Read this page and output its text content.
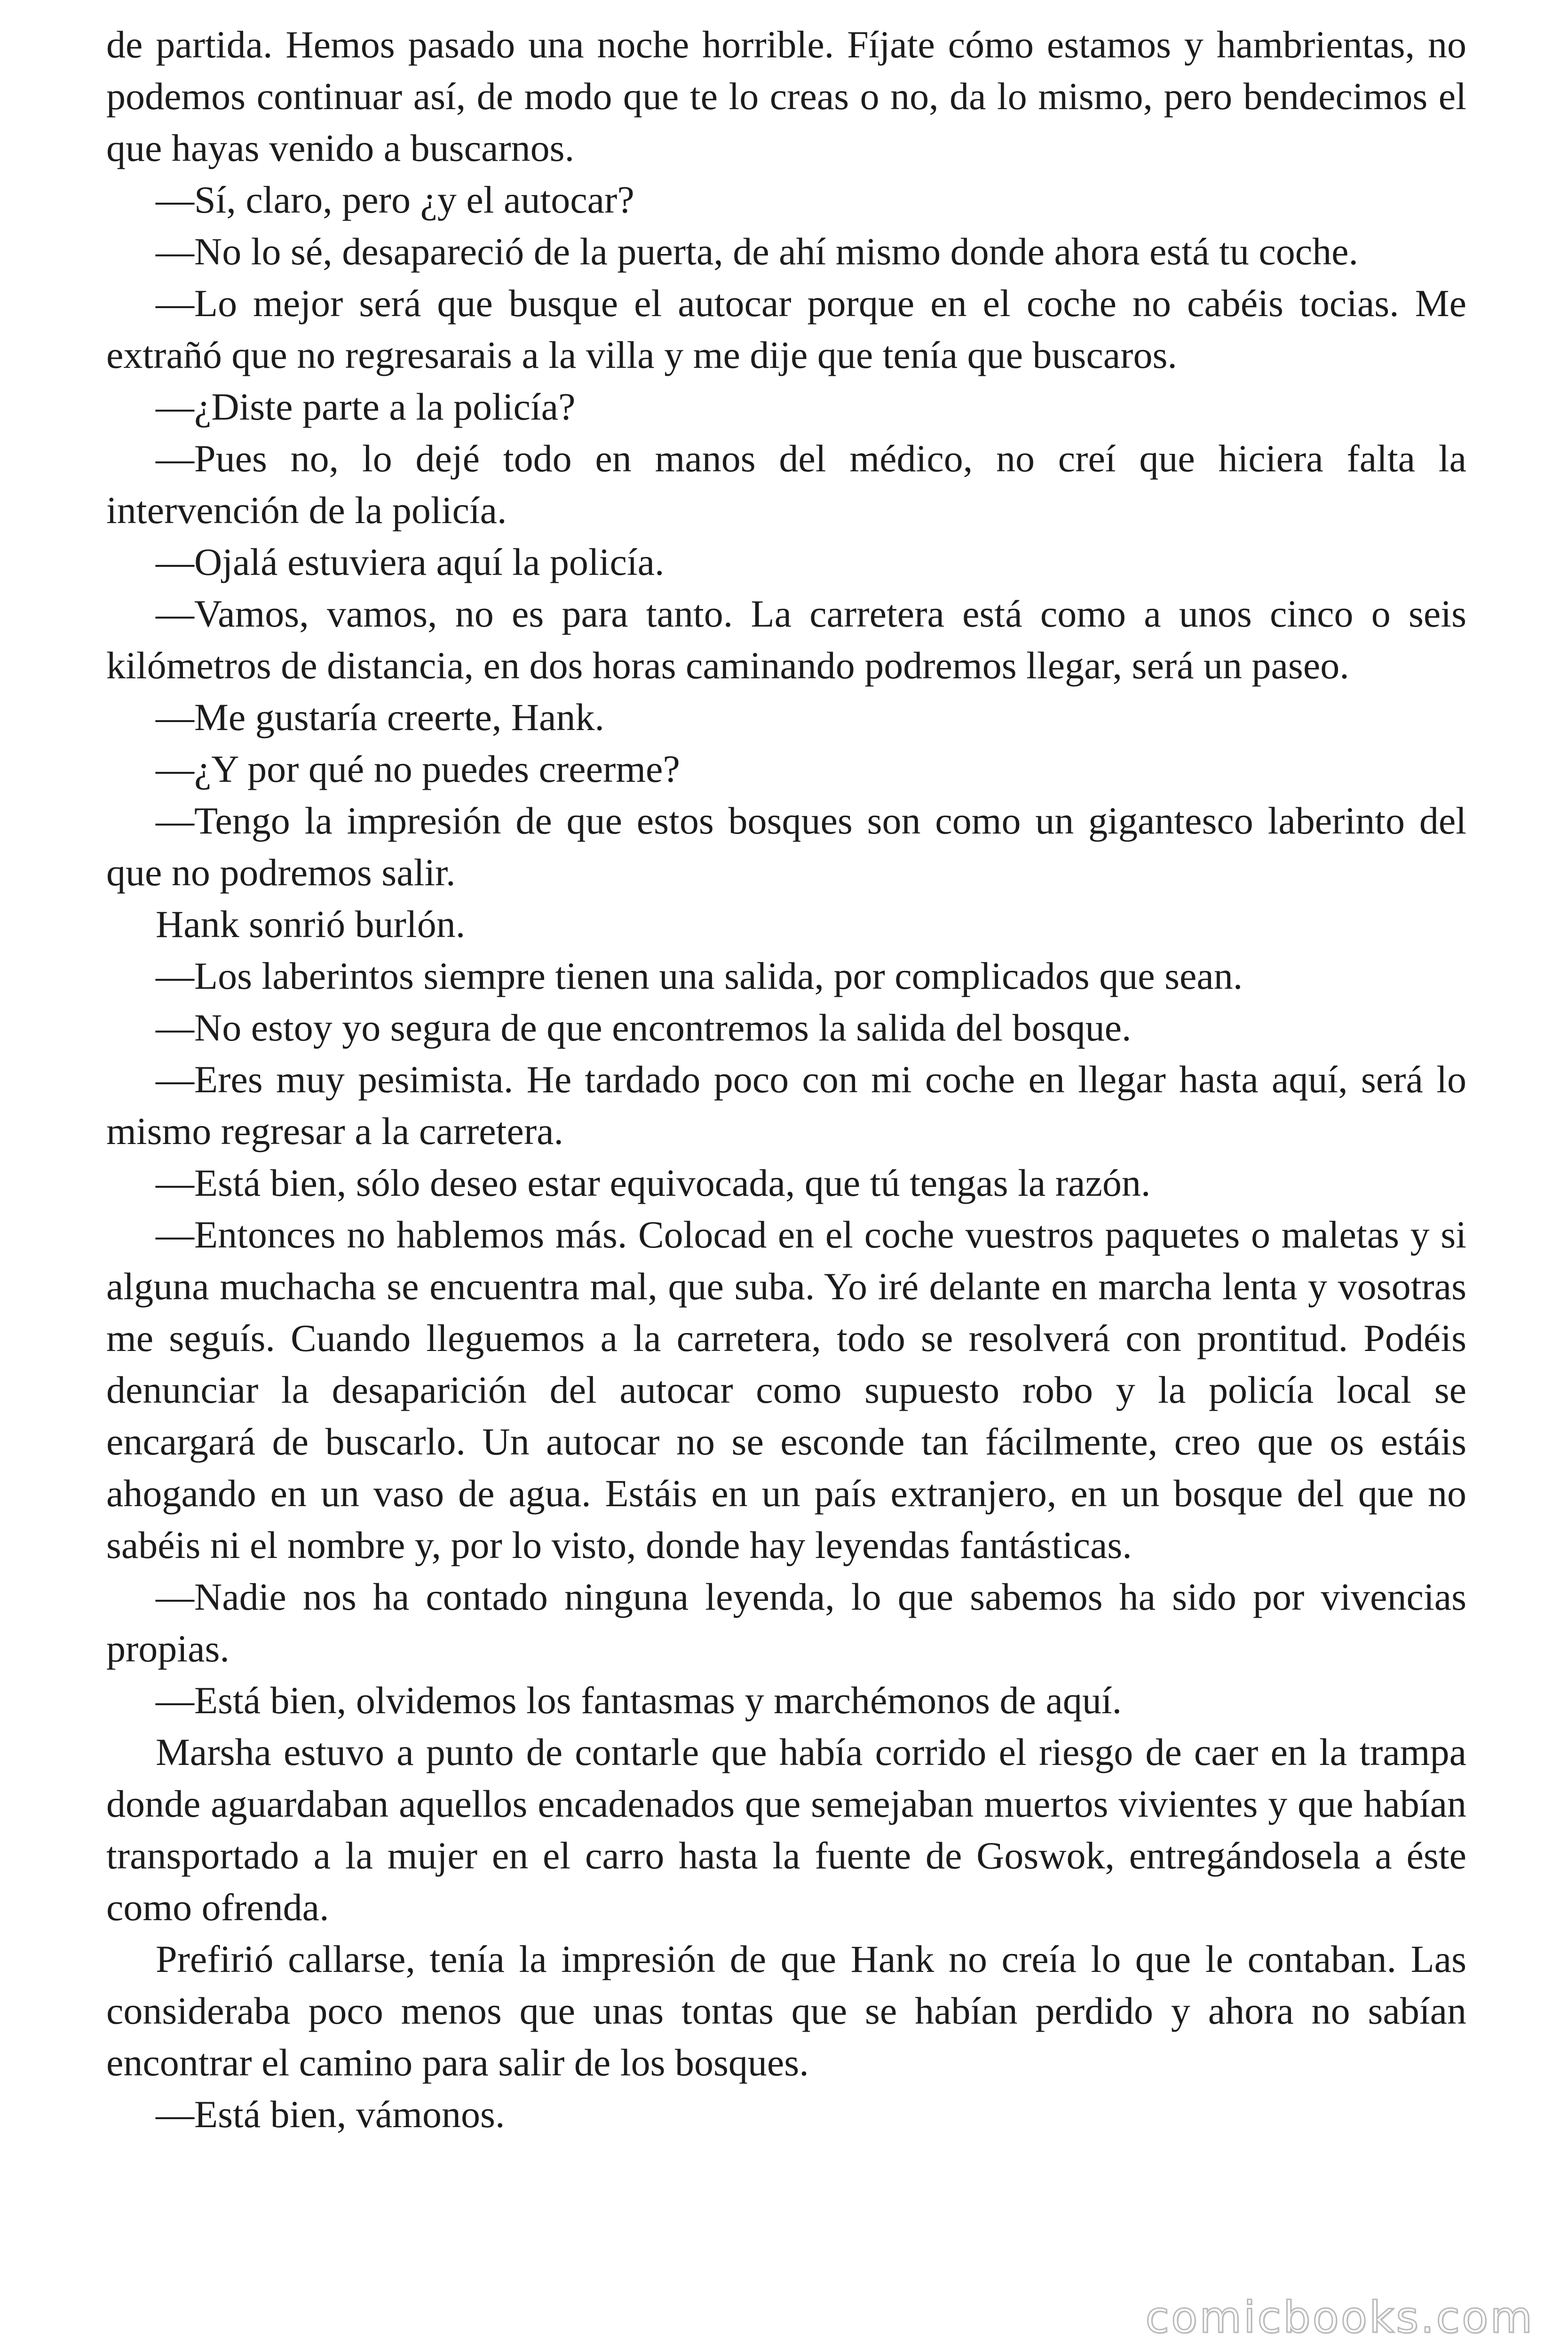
de partida. Hemos pasado una noche horrible. Fíjate cómo estamos y hambrientas, no podemos continuar así, de modo que te lo creas o no, da lo mismo, pero bendecimos el que hayas venido a buscarnos.

—Sí, claro, pero ¿y el autocar?

—No lo sé, desapareció de la puerta, de ahí mismo donde ahora está tu coche.

—Lo mejor será que busque el autocar porque en el coche no cabéis tocias. Me extrañó que no regresarais a la villa y me dije que tenía que buscaros.

—¿Diste parte a la policía?

—Pues no, lo dejé todo en manos del médico, no creí que hiciera falta la intervención de la policía.

—Ojalá estuviera aquí la policía.

—Vamos, vamos, no es para tanto. La carretera está como a unos cinco o seis kilómetros de distancia, en dos horas caminando podremos llegar, será un paseo.

—Me gustaría creerte, Hank.

—¿Y por qué no puedes creerme?

—Tengo la impresión de que estos bosques son como un gigantesco laberinto del que no podremos salir.

Hank sonrió burlón.

—Los laberintos siempre tienen una salida, por complicados que sean.

—No estoy yo segura de que encontremos la salida del bosque.

—Eres muy pesimista. He tardado poco con mi coche en llegar hasta aquí, será lo mismo regresar a la carretera.

—Está bien, sólo deseo estar equivocada, que tú tengas la razón.

—Entonces no hablemos más. Colocad en el coche vuestros paquetes o maletas y si alguna muchacha se encuentra mal, que suba. Yo iré delante en marcha lenta y vosotras me seguís. Cuando lleguemos a la carretera, todo se resolverá con prontitud. Podéis denunciar la desaparición del autocar como supuesto robo y la policía local se encargará de buscarlo. Un autocar no se esconde tan fácilmente, creo que os estáis ahogando en un vaso de agua. Estáis en un país extranjero, en un bosque del que no sabéis ni el nombre y, por lo visto, donde hay leyendas fantásticas.

—Nadie nos ha contado ninguna leyenda, lo que sabemos ha sido por vivencias propias.

—Está bien, olvidemos los fantasmas y marchémonos de aquí.

Marsha estuvo a punto de contarle que había corrido el riesgo de caer en la trampa donde aguardaban aquellos encadenados que semejaban muertos vivientes y que habían transportado a la mujer en el carro hasta la fuente de Goswok, entregándosela a éste como ofrenda.

Prefirió callarse, tenía la impresión de que Hank no creía lo que le contaban. Las consideraba poco menos que unas tontas que se habían perdido y ahora no sabían encontrar el camino para salir de los bosques.

—Está bien, vámonos.

comicbooks.com
